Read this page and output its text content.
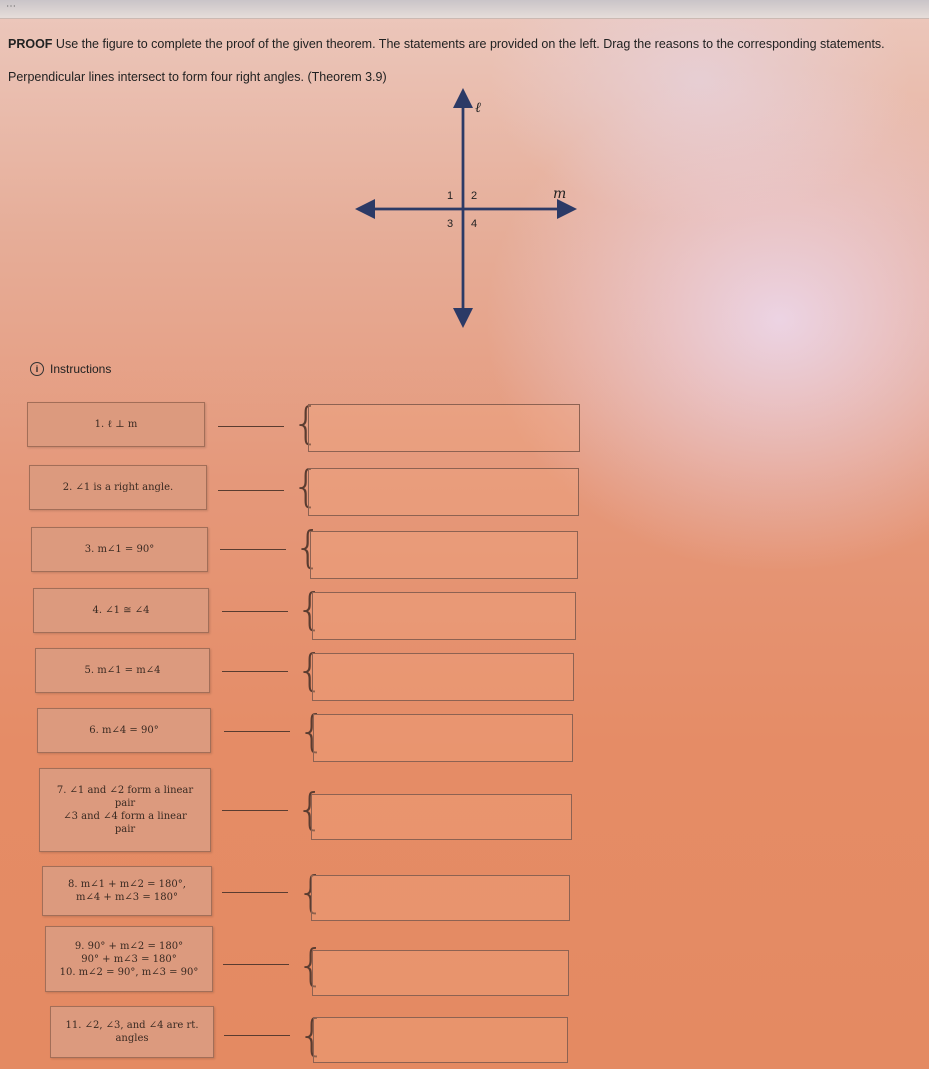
⋯
PROOF Use the figure to complete the proof of the given theorem. The statements are provided on the left. Drag the reasons to the corresponding statements.
Perpendicular lines intersect to form four right angles. (Theorem 3.9)
ℓ
m
1 2
3 4
i Instructions
1. ℓ ⊥ m	{
2. ∠1 is a right angle.	{
3. m∠1 = 90°	{
4. ∠1 ≅ ∠4	{
5. m∠1 = m∠4	{
6. m∠4 = 90°	{
7. ∠1 and ∠2 form a linear
pair
∠3 and ∠4 form a linear
pair	{
8. m∠1 + m∠2 = 180°,
m∠4 + m∠3 = 180°	{
9. 90° + m∠2 = 180°
90° + m∠3 = 180°
10. m∠2 = 90°, m∠3 = 90°	{
11. ∠2, ∠3, and ∠4 are rt.
angles	{
